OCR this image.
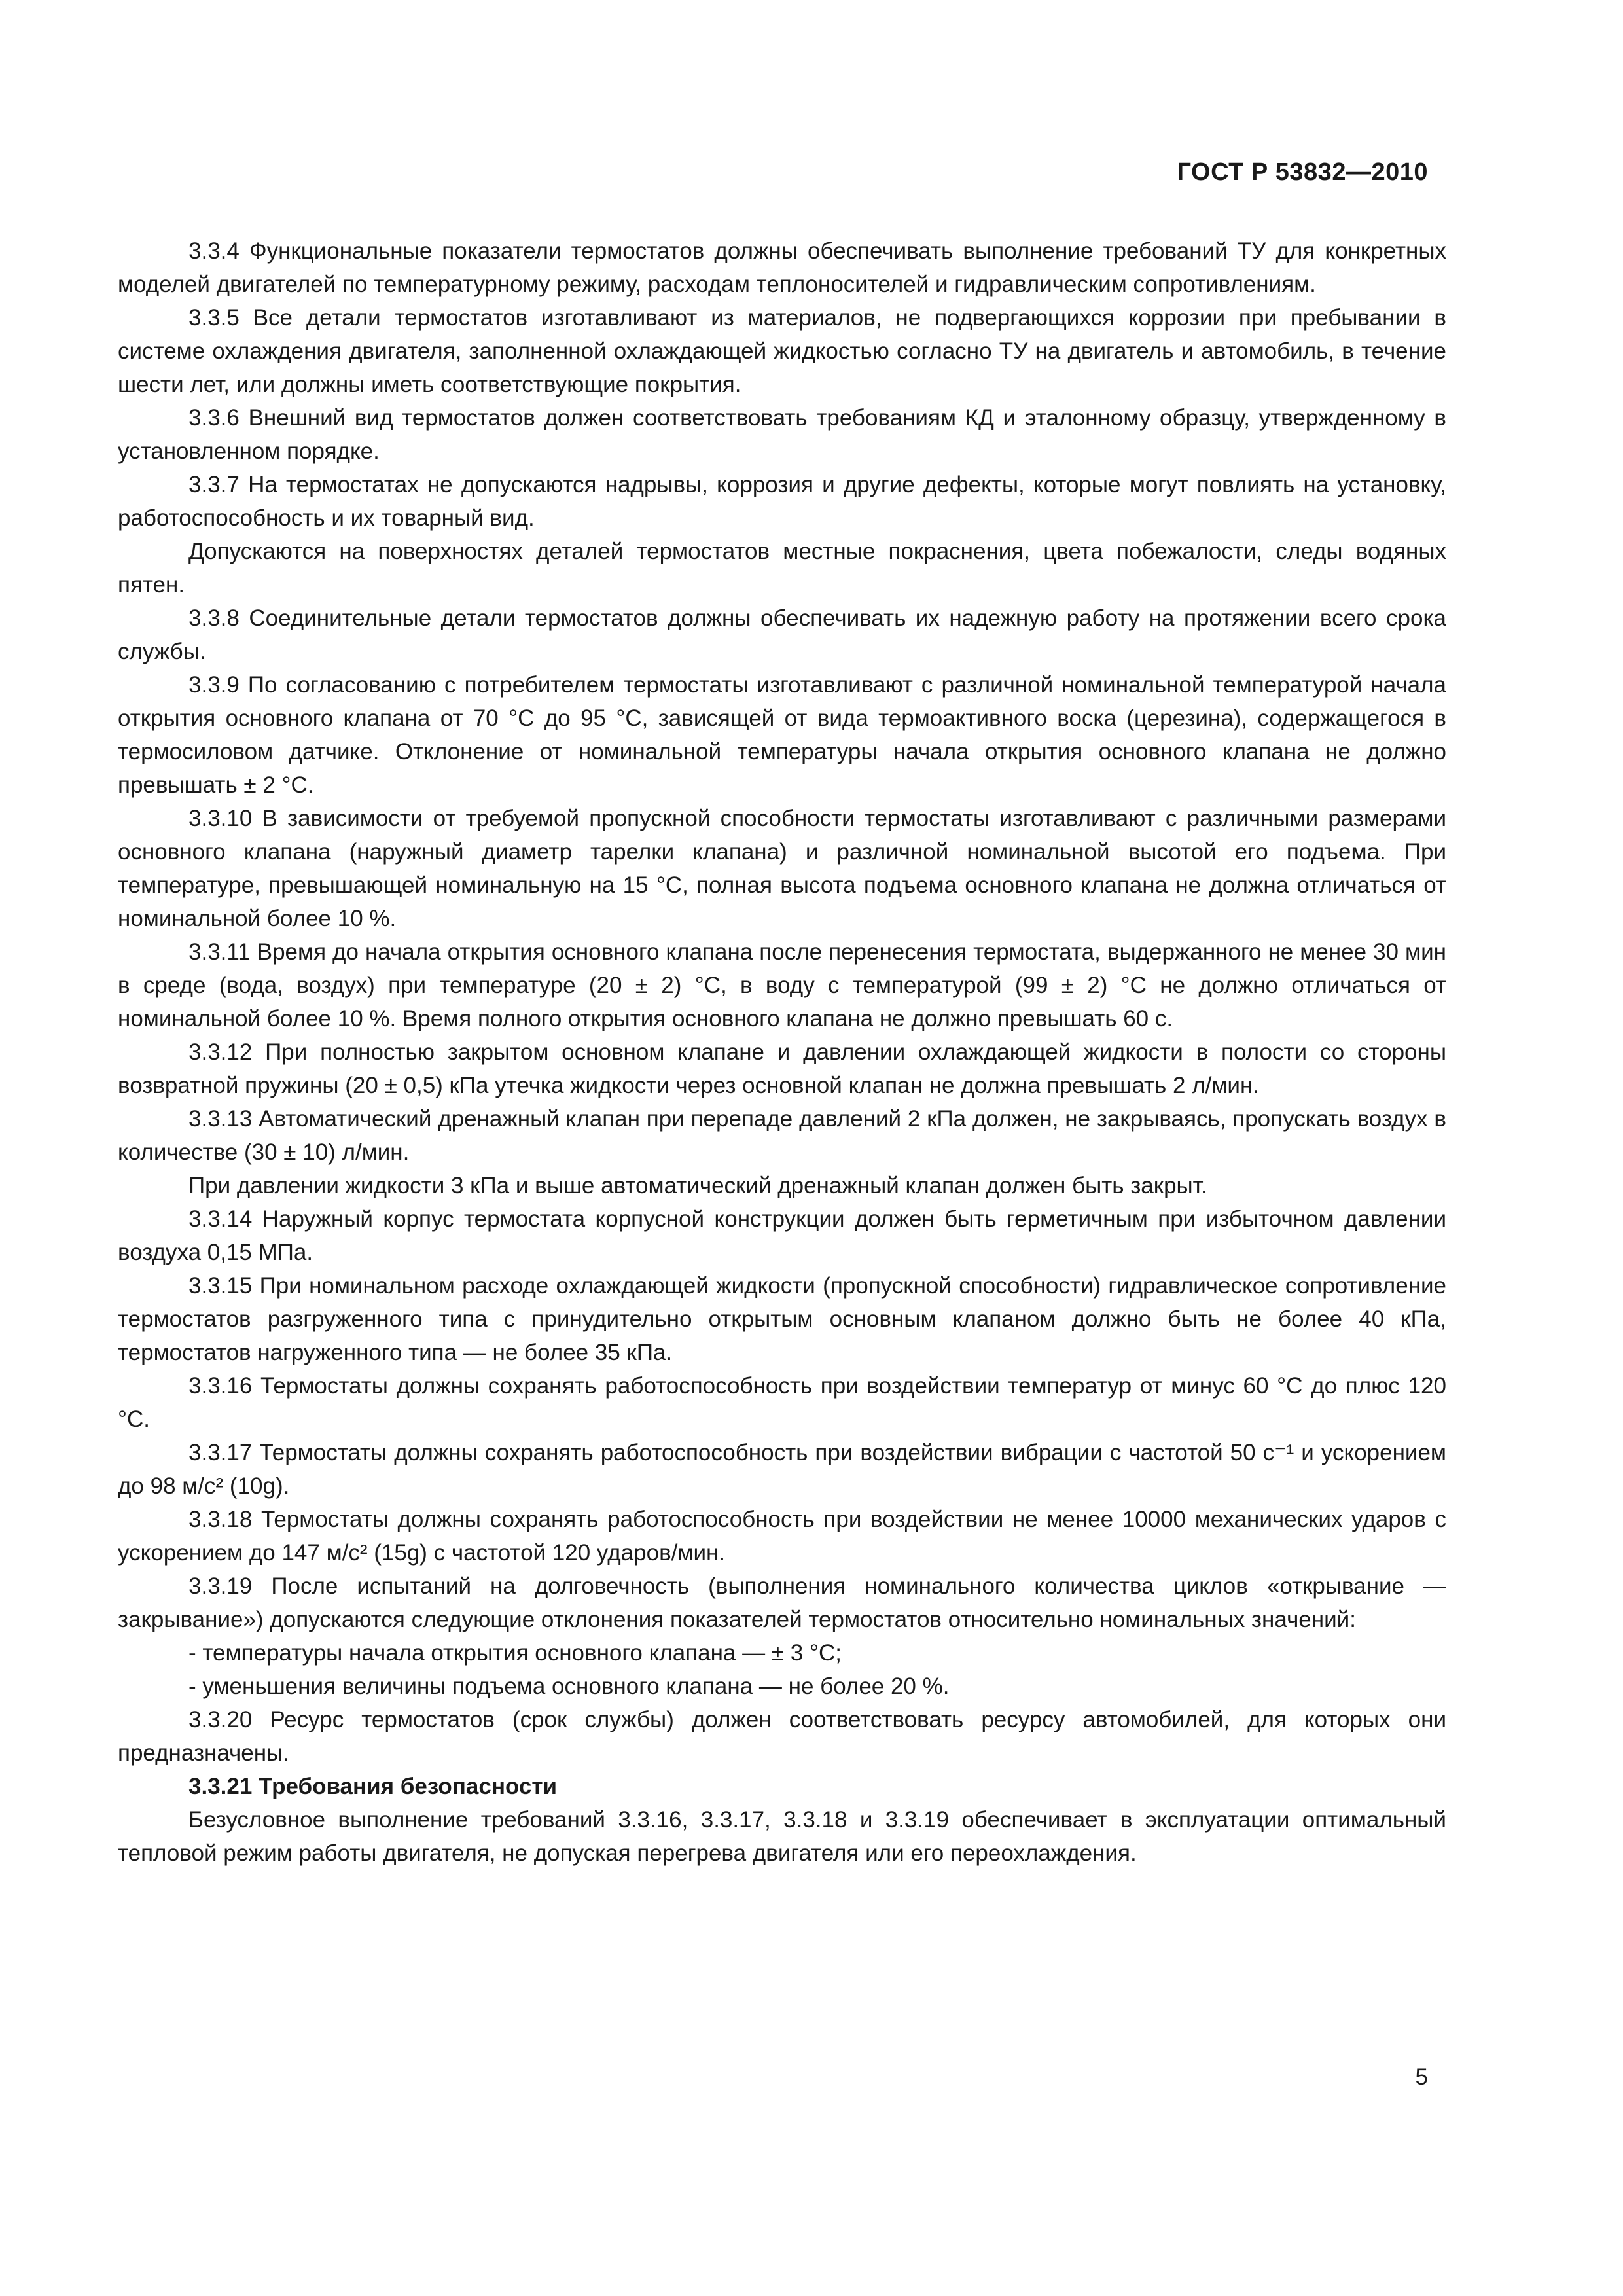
ГОСТ Р 53832—2010

3.3.4 Функциональные показатели термостатов должны обеспечивать выполнение требований ТУ для конкретных моделей двигателей по температурному режиму, расходам теплоносителей и гидравлическим сопротивлениям.

3.3.5 Все детали термостатов изготавливают из материалов, не подвергающихся коррозии при пребывании в системе охлаждения двигателя, заполненной охлаждающей жидкостью согласно ТУ на двигатель и автомобиль, в течение шести лет, или должны иметь соответствующие покрытия.

3.3.6 Внешний вид термостатов должен соответствовать требованиям КД и эталонному образцу, утвержденному в установленном порядке.

3.3.7 На термостатах не допускаются надрывы, коррозия и другие дефекты, которые могут повлиять на установку, работоспособность и их товарный вид.

Допускаются на поверхностях деталей термостатов местные покраснения, цвета побежалости, следы водяных пятен.

3.3.8 Соединительные детали термостатов должны обеспечивать их надежную работу на протяжении всего срока службы.

3.3.9 По согласованию с потребителем термостаты изготавливают с различной номинальной температурой начала открытия основного клапана от 70 °C до 95 °C, зависящей от вида термоактивного воска (церезина), содержащегося в термосиловом датчике. Отклонение от номинальной температуры начала открытия основного клапана не должно превышать ± 2 °C.

3.3.10 В зависимости от требуемой пропускной способности термостаты изготавливают с различными размерами основного клапана (наружный диаметр тарелки клапана) и различной номинальной высотой его подъема. При температуре, превышающей номинальную на 15 °C, полная высота подъема основного клапана не должна отличаться от номинальной более 10 %.

3.3.11 Время до начала открытия основного клапана после перенесения термостата, выдержанного не менее 30 мин в среде (вода, воздух) при температуре (20 ± 2) °C, в воду с температурой (99 ± 2) °C не должно отличаться от номинальной более 10 %. Время полного открытия основного клапана не должно превышать 60 с.

3.3.12 При полностью закрытом основном клапане и давлении охлаждающей жидкости в полости со стороны возвратной пружины (20 ± 0,5) кПа утечка жидкости через основной клапан не должна превышать 2 л/мин.

3.3.13 Автоматический дренажный клапан при перепаде давлений 2 кПа должен, не закрываясь, пропускать воздух в количестве (30 ± 10) л/мин.

При давлении жидкости 3 кПа и выше автоматический дренажный клапан должен быть закрыт.

3.3.14 Наружный корпус термостата корпусной конструкции должен быть герметичным при избыточном давлении воздуха 0,15 МПа.

3.3.15 При номинальном расходе охлаждающей жидкости (пропускной способности) гидравлическое сопротивление термостатов разгруженного типа с принудительно открытым основным клапаном должно быть не более 40 кПа, термостатов нагруженного типа — не более 35 кПа.

3.3.16 Термостаты должны сохранять работоспособность при воздействии температур от минус 60 °C до плюс 120 °C.

3.3.17 Термостаты должны сохранять работоспособность при воздействии вибрации с частотой 50 с⁻¹ и ускорением до 98 м/с² (10g).

3.3.18 Термостаты должны сохранять работоспособность при воздействии не менее 10000 механических ударов с ускорением до 147 м/с² (15g) с частотой 120 ударов/мин.

3.3.19 После испытаний на долговечность (выполнения номинального количества циклов «открывание — закрывание») допускаются следующие отклонения показателей термостатов относительно номинальных значений:

- температуры начала открытия основного клапана — ± 3 °C;

- уменьшения величины подъема основного клапана — не более 20 %.

3.3.20 Ресурс термостатов (срок службы) должен соответствовать ресурсу автомобилей, для которых они предназначены.

3.3.21 Требования безопасности

Безусловное выполнение требований 3.3.16, 3.3.17, 3.3.18 и 3.3.19 обеспечивает в эксплуатации оптимальный тепловой режим работы двигателя, не допуская перегрева двигателя или его переохлаждения.

5
